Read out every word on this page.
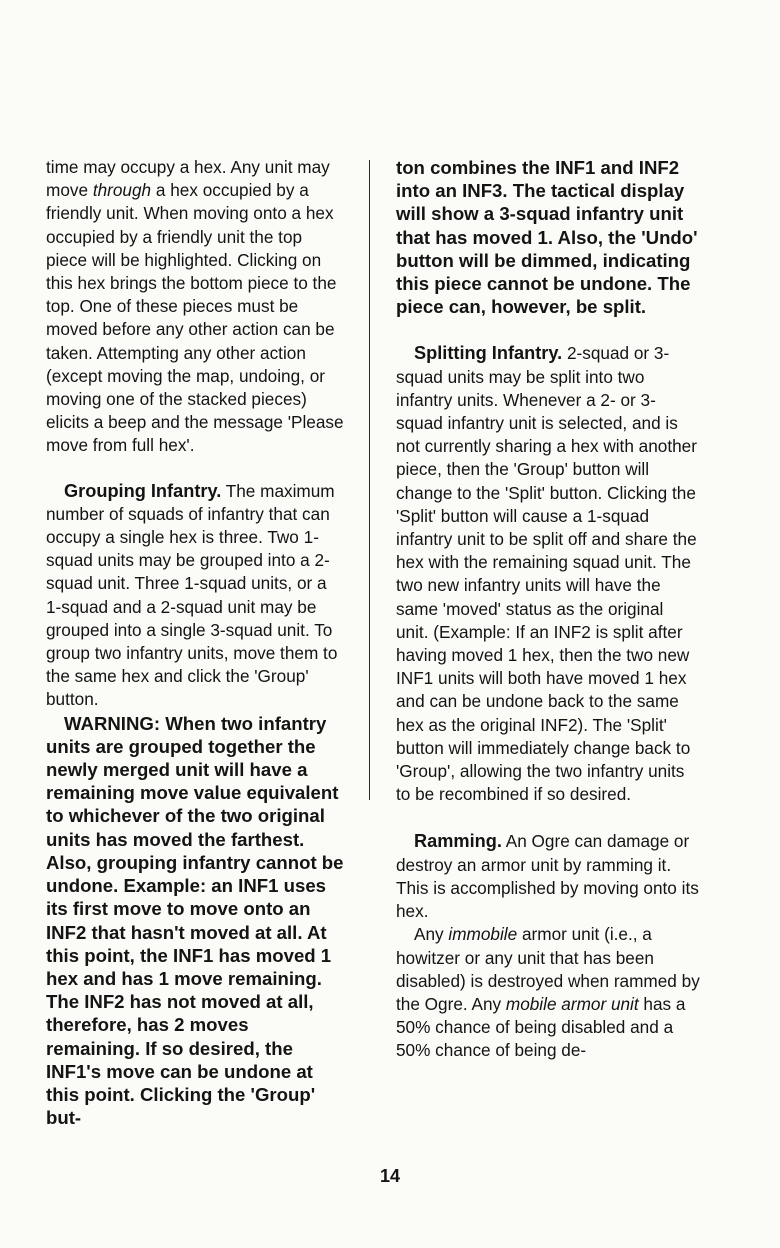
time may occupy a hex. Any unit may move through a hex occupied by a friendly unit. When moving onto a hex occupied by a friendly unit the top piece will be highlighted. Clicking on this hex brings the bottom piece to the top. One of these pieces must be moved before any other action can be taken. Attempting any other action (except moving the map, undoing, or moving one of the stacked pieces) elicits a beep and the message 'Please move from full hex'.

Grouping Infantry. The maximum number of squads of infantry that can occupy a single hex is three. Two 1-squad units may be grouped into a 2-squad unit. Three 1-squad units, or a 1-squad and a 2-squad unit may be grouped into a single 3-squad unit. To group two infantry units, move them to the same hex and click the 'Group' button.

WARNING: When two infantry units are grouped together the newly merged unit will have a remaining move value equivalent to whichever of the two original units has moved the farthest. Also, grouping infantry cannot be undone. Example: an INF1 uses its first move to move onto an INF2 that hasn't moved at all. At this point, the INF1 has moved 1 hex and has 1 move remaining. The INF2 has not moved at all, therefore, has 2 moves remaining. If so desired, the INF1's move can be undone at this point. Clicking the 'Group' but-

ton combines the INF1 and INF2 into an INF3. The tactical display will show a 3-squad infantry unit that has moved 1. Also, the 'Undo' button will be dimmed, indicating this piece cannot be undone. The piece can, however, be split.

Splitting Infantry. 2-squad or 3-squad units may be split into two infantry units. Whenever a 2- or 3-squad infantry unit is selected, and is not currently sharing a hex with another piece, then the 'Group' button will change to the 'Split' button. Clicking the 'Split' button will cause a 1-squad infantry unit to be split off and share the hex with the remaining squad unit. The two new infantry units will have the same 'moved' status as the original unit. (Example: If an INF2 is split after having moved 1 hex, then the two new INF1 units will both have moved 1 hex and can be undone back to the same hex as the original INF2). The 'Split' button will immediately change back to 'Group', allowing the two infantry units to be recombined if so desired.

Ramming. An Ogre can damage or destroy an armor unit by ramming it. This is accomplished by moving onto its hex.

Any immobile armor unit (i.e., a howitzer or any unit that has been disabled) is destroyed when rammed by the Ogre. Any mobile armor unit has a 50% chance of being disabled and a 50% chance of being de-

14
